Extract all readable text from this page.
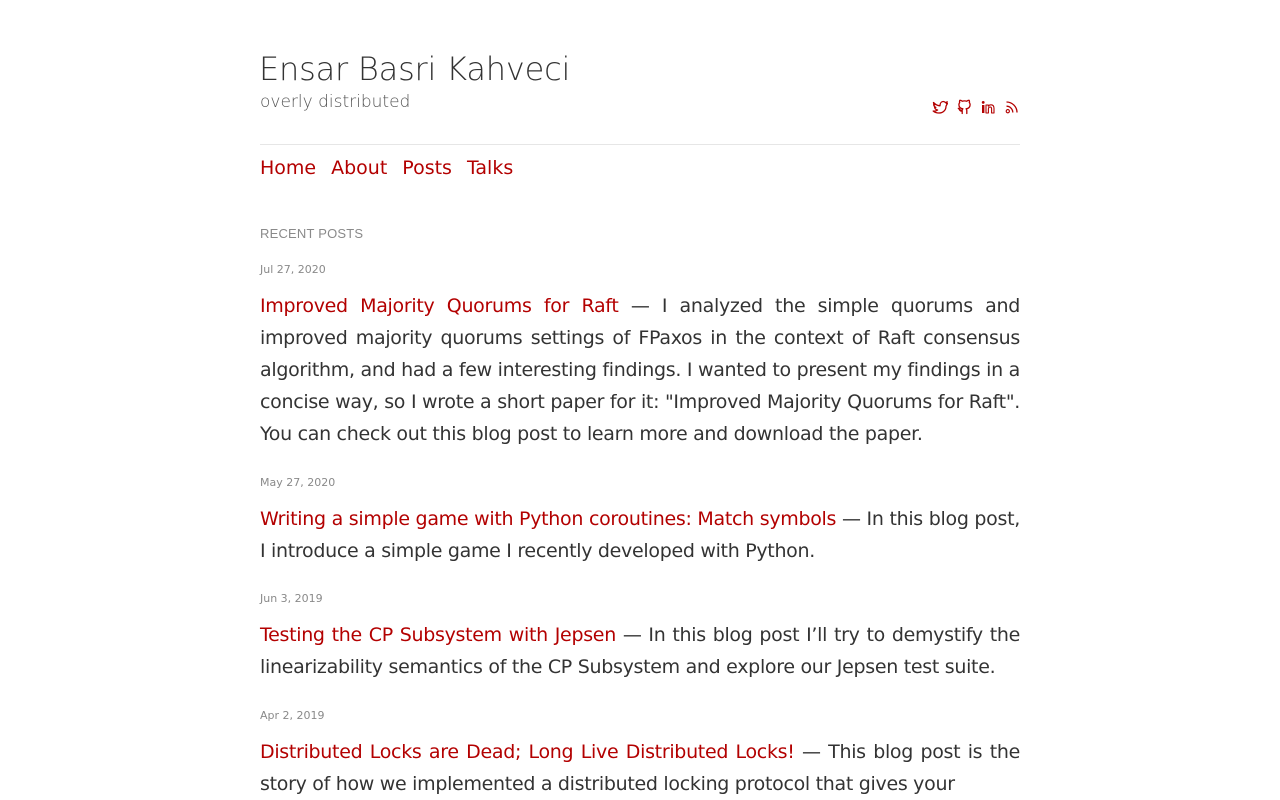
Ensar Basri Kahveci
overly distributed
Home About Posts Talks
RECENT POSTS
Jul 27, 2020
Improved Majority Quorums for Raft — I analyzed the simple quorums and improved majority quorums settings of FPaxos in the context of Raft consensus algorithm, and had a few interesting findings. I wanted to present my findings in a concise way, so I wrote a short paper for it: "Improved Majority Quorums for Raft". You can check out this blog post to learn more and download the paper.
May 27, 2020
Writing a simple game with Python coroutines: Match symbols — In this blog post, I introduce a simple game I recently developed with Python.
Jun 3, 2019
Testing the CP Subsystem with Jepsen — In this blog post I’ll try to demystify the linearizability semantics of the CP Subsystem and explore our Jepsen test suite.
Apr 2, 2019
Distributed Locks are Dead; Long Live Distributed Locks! — This blog post is the story of how we implemented a distributed locking protocol that gives your
